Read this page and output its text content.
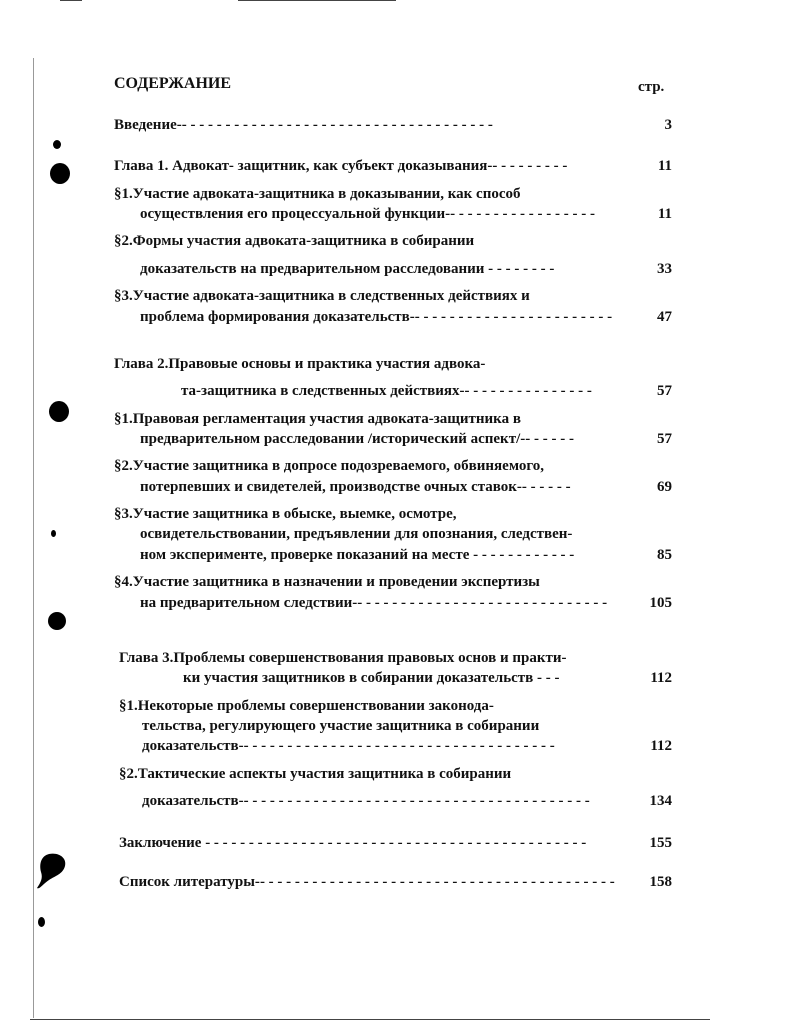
СОДЕРЖАНИЕ	стр.
Введение-- - - - - - - - - - - - - - - - - - - - - - - - - - - - - - - - - - - -	3
Глава 1. Адвокат- защитник, как субъект доказывания-- - - - - - - - -	11
§1.Участие адвоката-защитника в доказывании, как способ
осуществления его процессуальной функции-- - - - - - - - - - - - - - - - -	11
§2.Формы участия адвоката-защитника в собирании
доказательств на предварительном расследовании - - - - - - - -	33
§3.Участие адвоката-защитника в следственных действиях и
проблема формирования доказательств-- - - - - - - - - - - - - - - - - - - - - - -	47
Глава 2.Правовые основы и практика участия адвока-
та-защитника в следственных действиях-- - - - - - - - - - - - - - -	57
§1.Правовая регламентация участия адвоката-защитника в
предварительном расследовании /исторический аспект/-- - - - - -	57
§2.Участие защитника в допросе подозреваемого, обвиняемого,
потерпевших и свидетелей, производстве очных ставок-- - - - - -	69
§3.Участие защитника в обыске, выемке, осмотре,
освидетельствовании, предъявлении для опознания, следствен-
ном эксперименте, проверке показаний на месте - - - - - - - - - - - -	85
§4.Участие защитника в назначении и проведении экспертизы
на предварительном следствии-- - - - - - - - - - - - - - - - - - - - - - - - - - - - -	105
Глава 3.Проблемы совершенствования правовых основ и практи-
ки участия защитников в собирании доказательств - - -	112
§1.Некоторые проблемы совершенствовании законода-
тельства, регулирующего участие защитника в собирании
доказательств-- - - - - - - - - - - - - - - - - - - - - - - - - - - - - - - - - - - -	112
§2.Тактические аспекты участия защитника в собирании
доказательств-- - - - - - - - - - - - - - - - - - - - - - - - - - - - - - - - - - - - - - - -	134
Заключение - - - - - - - - - - - - - - - - - - - - - - - - - - - - - - - - - - - - - - - - - - - -	155
Список литературы-- - - - - - - - - - - - - - - - - - - - - - - - - - - - - - - - - - - - - - - - -	158
